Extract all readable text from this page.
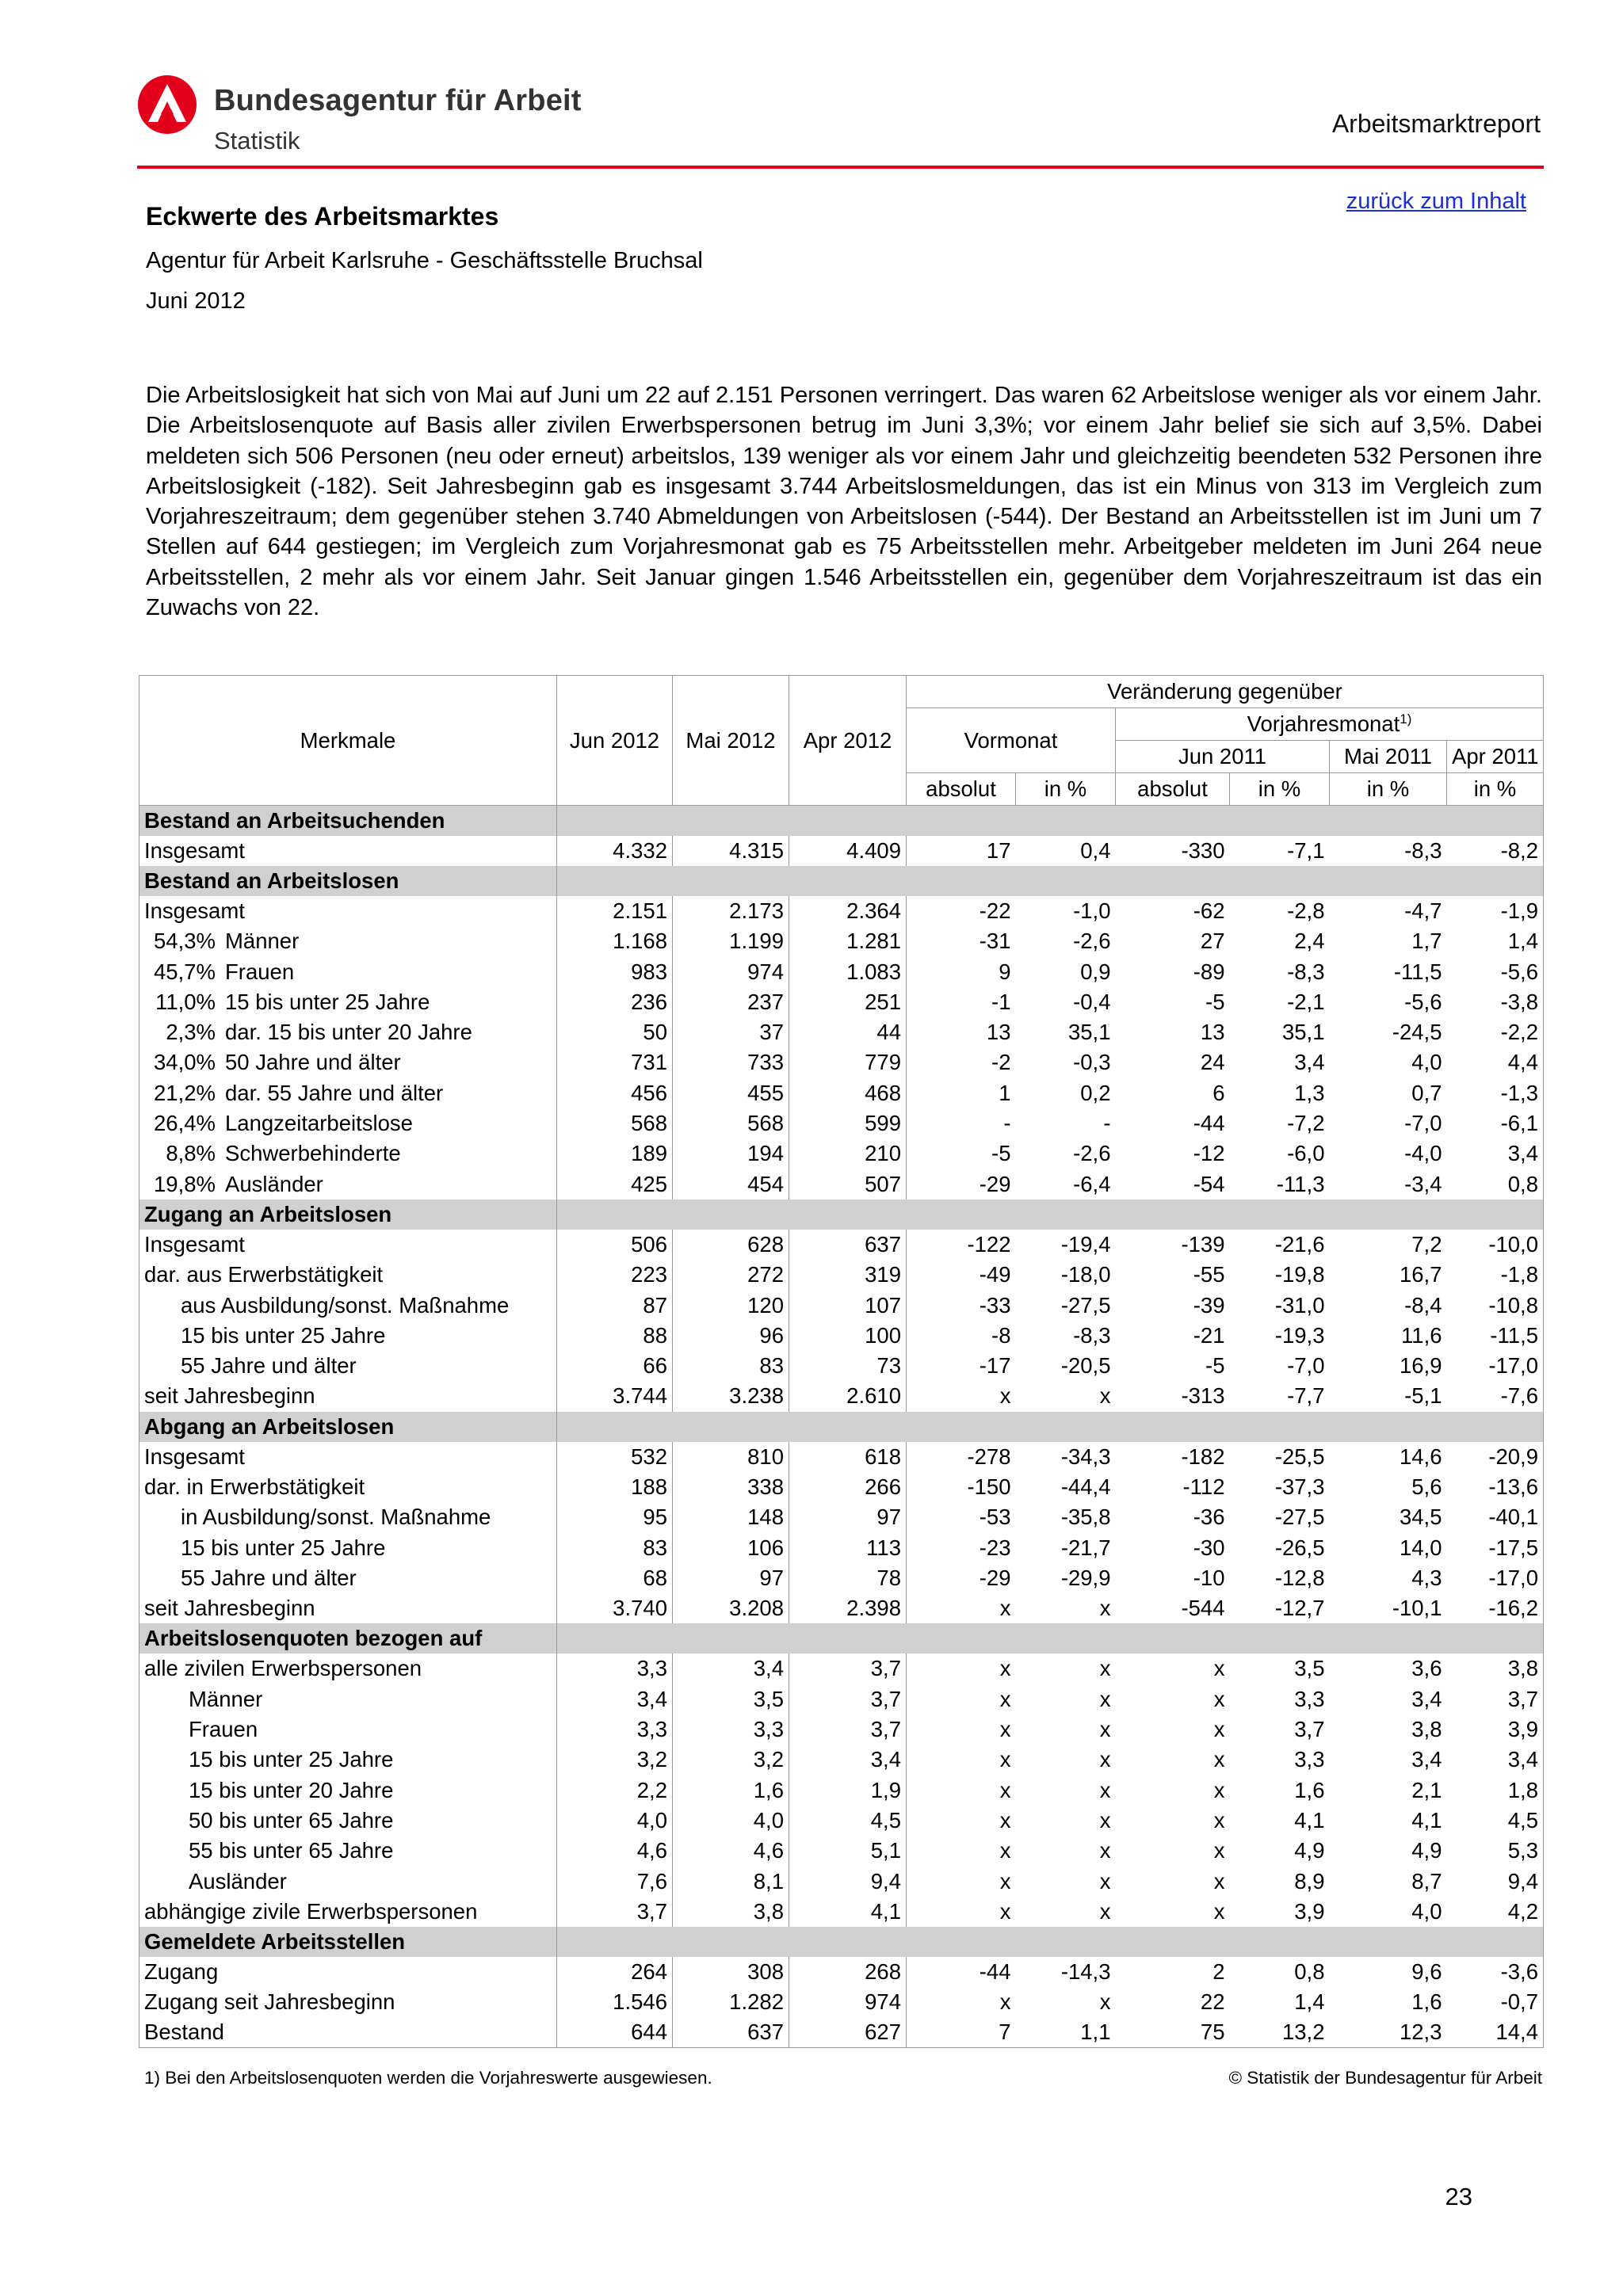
Bundesagentur für Arbeit
Statistik
Arbeitsmarktreport
zurück zum Inhalt
Eckwerte des Arbeitsmarktes
Agentur für Arbeit Karlsruhe - Geschäftsstelle Bruchsal
Juni 2012
Die Arbeitslosigkeit hat sich von Mai auf Juni um 22 auf 2.151 Personen verringert. Das waren 62 Arbeitslose weniger als vor einem Jahr. Die Arbeitslosenquote auf Basis aller zivilen Erwerbspersonen betrug im Juni 3,3%; vor einem Jahr belief sie sich auf 3,5%. Dabei meldeten sich 506 Personen (neu oder erneut) arbeitslos, 139 weniger als vor einem Jahr und gleichzeitig beendeten 532 Personen ihre Arbeitslosigkeit (-182). Seit Jahresbeginn gab es insgesamt 3.744 Arbeitslosmeldungen, das ist ein Minus von 313 im Vergleich zum Vorjahreszeitraum; dem gegenüber stehen 3.740 Abmeldungen von Arbeitslosen (-544). Der Bestand an Arbeitsstellen ist im Juni um 7 Stellen auf 644 gestiegen; im Vergleich zum Vorjahresmonat gab es 75 Arbeitsstellen mehr. Arbeitgeber meldeten im Juni 264 neue Arbeitsstellen, 2 mehr als vor einem Jahr. Seit Januar gingen 1.546 Arbeitsstellen ein, gegenüber dem Vorjahreszeitraum ist das ein Zuwachs von 22.
Merkmale	Jun 2012	Mai 2012	Apr 2012	Veränderung gegenüber					
				Vormonat		Vorjahresmonat$^{1)}$
						Jun 2011		Mai 2011	Apr 2011
				absolut	in %	absolut	in %	in %	in %
Bestand an Arbeitsuchenden									
Insgesamt	4.332	4.315	4.409	17	0,4	-330	-7,1	-8,3	-8,2
Bestand an Arbeitslosen									
Insgesamt	2.151	2.173	2.364	-22	-1,0	-62	-2,8	-4,7	-1,9
54,3% Männer	1.168	1.199	1.281	-31	-2,6	27	2,4	1,7	1,4
45,7% Frauen	983	974	1.083	9	0,9	-89	-8,3	-11,5	-5,6
11,0% 15 bis unter 25 Jahre	236	237	251	-1	-0,4	-5	-2,1	-5,6	-3,8
2,3% dar. 15 bis unter 20 Jahre	50	37	44	13	35,1	13	35,1	-24,5	-2,2
34,0% 50 Jahre und älter	731	733	779	-2	-0,3	24	3,4	4,0	4,4
21,2% dar. 55 Jahre und älter	456	455	468	1	0,2	6	1,3	0,7	-1,3
26,4% Langzeitarbeitslose	568	568	599	-	-	-44	-7,2	-7,0	-6,1
8,8% Schwerbehinderte	189	194	210	-5	-2,6	-12	-6,0	-4,0	3,4
19,8% Ausländer	425	454	507	-29	-6,4	-54	-11,3	-3,4	0,8
Zugang an Arbeitslosen									
Insgesamt	506	628	637	-122	-19,4	-139	-21,6	7,2	-10,0
dar. aus Erwerbstätigkeit	223	272	319	-49	-18,0	-55	-19,8	16,7	-1,8
aus Ausbildung/sonst. Maßnahme	87	120	107	-33	-27,5	-39	-31,0	-8,4	-10,8
15 bis unter 25 Jahre	88	96	100	-8	-8,3	-21	-19,3	11,6	-11,5
55 Jahre und älter	66	83	73	-17	-20,5	-5	-7,0	16,9	-17,0
seit Jahresbeginn	3.744	3.238	2.610	x	x	-313	-7,7	-5,1	-7,6
Abgang an Arbeitslosen									
Insgesamt	532	810	618	-278	-34,3	-182	-25,5	14,6	-20,9
dar. in Erwerbstätigkeit	188	338	266	-150	-44,4	-112	-37,3	5,6	-13,6
in Ausbildung/sonst. Maßnahme	95	148	97	-53	-35,8	-36	-27,5	34,5	-40,1
15 bis unter 25 Jahre	83	106	113	-23	-21,7	-30	-26,5	14,0	-17,5
55 Jahre und älter	68	97	78	-29	-29,9	-10	-12,8	4,3	-17,0
seit Jahresbeginn	3.740	3.208	2.398	x	x	-544	-12,7	-10,1	-16,2
Arbeitslosenquoten bezogen auf									
alle zivilen Erwerbspersonen	3,3	3,4	3,7	x	x	x	3,5	3,6	3,8
Männer	3,4	3,5	3,7	x	x	x	3,3	3,4	3,7
Frauen	3,3	3,3	3,7	x	x	x	3,7	3,8	3,9
15 bis unter 25 Jahre	3,2	3,2	3,4	x	x	x	3,3	3,4	3,4
15 bis unter 20 Jahre	2,2	1,6	1,9	x	x	x	1,6	2,1	1,8
50 bis unter 65 Jahre	4,0	4,0	4,5	x	x	x	4,1	4,1	4,5
55 bis unter 65 Jahre	4,6	4,6	5,1	x	x	x	4,9	4,9	5,3
Ausländer	7,6	8,1	9,4	x	x	x	8,9	8,7	9,4
abhängige zivile Erwerbspersonen	3,7	3,8	4,1	x	x	x	3,9	4,0	4,2
Gemeldete Arbeitsstellen									
Zugang	264	308	268	-44	-14,3	2	0,8	9,6	-3,6
Zugang seit Jahresbeginn	1.546	1.282	974	x	x	22	1,4	1,6	-0,7
Bestand	644	637	627	7	1,1	75	13,2	12,3	14,4
1) Bei den Arbeitslosenquoten werden die Vorjahreswerte ausgewiesen.	© Statistik der Bundesagentur für Arbeit
23
